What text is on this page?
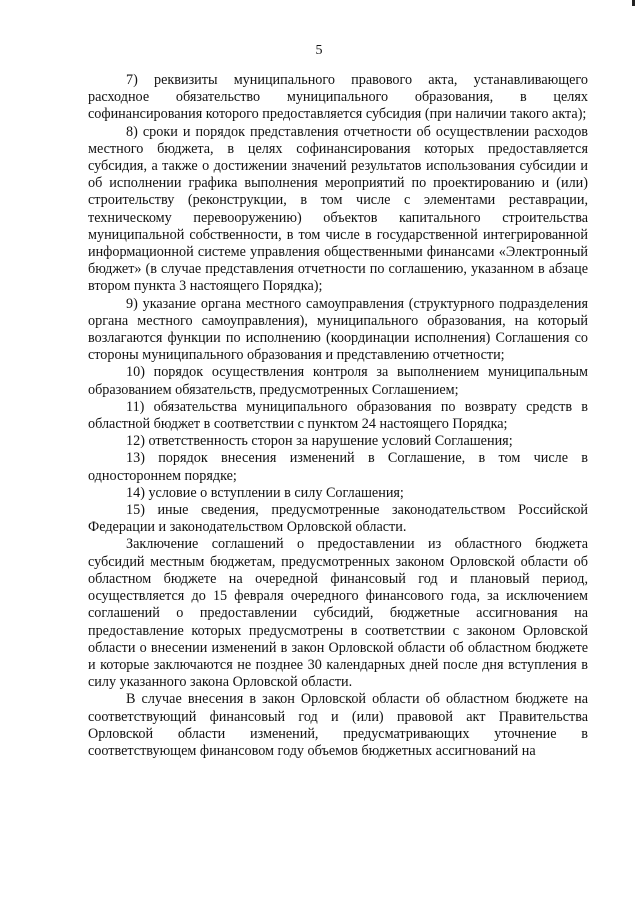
5

7) реквизиты муниципального правового акта, устанавливающего расходное обязательство муниципального образования, в целях софинансирования которого предоставляется субсидия (при наличии такого акта);

8) сроки и порядок представления отчетности об осуществлении расходов местного бюджета, в целях софинансирования которых предоставляется субсидия, а также о достижении значений результатов использования субсидии и об исполнении графика выполнения мероприятий по проектированию и (или) строительству (реконструкции, в том числе с элементами реставрации, техническому перевооружению) объектов капитального строительства муниципальной собственности, в том числе в государственной интегрированной информационной системе управления общественными финансами «Электронный бюджет» (в случае представления отчетности по соглашению, указанном в абзаце втором пункта 3 настоящего Порядка);

9) указание органа местного самоуправления (структурного подразделения органа местного самоуправления), муниципального образования, на который возлагаются функции по исполнению (координации исполнения) Соглашения со стороны муниципального образования и представлению отчетности;

10) порядок осуществления контроля за выполнением муниципальным образованием обязательств, предусмотренных Соглашением;

11) обязательства муниципального образования по возврату средств в областной бюджет в соответствии с пунктом 24 настоящего Порядка;

12) ответственность сторон за нарушение условий Соглашения;

13) порядок внесения изменений в Соглашение, в том числе в одностороннем порядке;

14) условие о вступлении в силу Соглашения;

15) иные сведения, предусмотренные законодательством Российской Федерации и законодательством Орловской области.

Заключение соглашений о предоставлении из областного бюджета субсидий местным бюджетам, предусмотренных законом Орловской области об областном бюджете на очередной финансовый год и плановый период, осуществляется до 15 февраля очередного финансового года, за исключением соглашений о предоставлении субсидий, бюджетные ассигнования на предоставление которых предусмотрены в соответствии с законом Орловской области о внесении изменений в закон Орловской области об областном бюджете и которые заключаются не позднее 30 календарных дней после дня вступления в силу указанного закона Орловской области.

В случае внесения в закон Орловской области об областном бюджете на соответствующий финансовый год и (или) правовой акт Правительства Орловской области изменений, предусматривающих уточнение в соответствующем финансовом году объемов бюджетных ассигнований на
